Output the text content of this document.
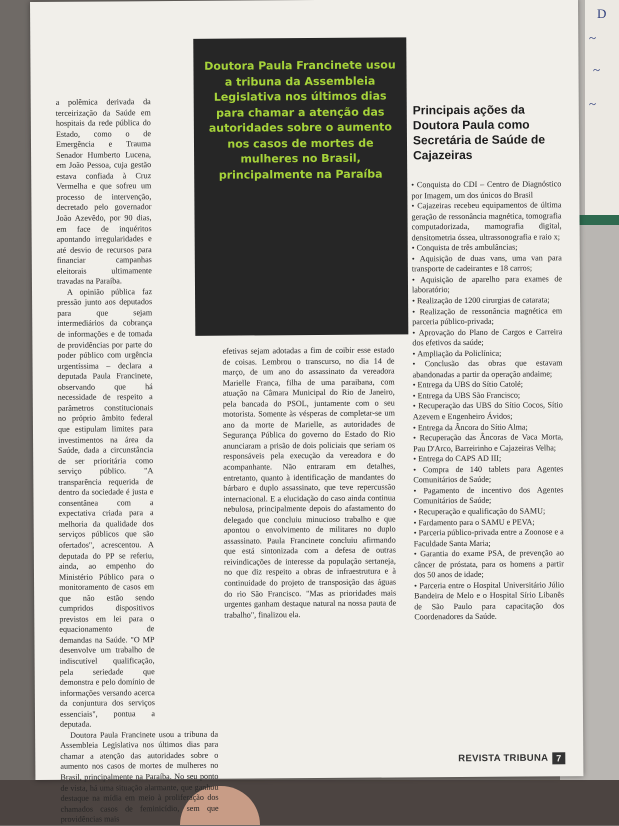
D
~
~
~
Doutora Paula Francinete usou a tribuna da Assembleia Legislativa nos últimos dias para chamar a atenção das autoridades sobre o aumento nos casos de mortes de mulheres no Brasil, principalmente na Paraíba

a polêmica derivada da terceirização da Saúde em hospitais da rede pública do Estado, como o de Emergência e Trauma Senador Humberto Lucena, em João Pessoa, cuja gestão estava confiada à Cruz Vermelha e que sofreu um processo de intervenção, decretado pelo governador João Azevêdo, por 90 dias, em face de inquéritos apontando irregularidades e até desvio de recursos para financiar campanhas eleitorais ultimamente travadas na Paraíba.

A opinião pública faz pressão junto aos deputados para que sejam intermediários da cobrança de informações e de tomada de providências por parte do poder público com urgência urgentíssima – declara a deputada Paula Francinete, observando que há necessidade de respeito a parâmetros constitucionais no próprio âmbito federal que estipulam limites para investimentos na área da Saúde, dada a circunstância de ser prioritária como serviço público. "A transparência requerida de dentro da sociedade é justa e consentânea com a expectativa criada para a melhoria da qualidade dos serviços públicos que são ofertados", acrescentou. A deputada do PP se referiu, ainda, ao empenho do Ministério Público para o monitoramento de casos em que não estão sendo cumpridos dispositivos previstos em lei para o equacionamento de demandas na Saúde. "O MP desenvolve um trabalho de indiscutível qualificação, pela seriedade que demonstra e pelo domínio de informações versando acerca da conjuntura dos serviços essenciais", pontua a deputada.

Doutora Paula Francinete usou a tribuna da Assembleia Legislativa nos últimos dias para chamar a atenção das autoridades sobre o aumento nos casos de mortes de mulheres no Brasil, principalmente na Paraíba. No seu ponto de vista, há uma situação alarmante, que ganhou destaque na mídia em meio à proliferação dos chamados casos de feminicídio, sem que providências mais

efetivas sejam adotadas a fim de coibir esse estado de coisas. Lembrou o transcurso, no dia 14 de março, de um ano do assassinato da vereadora Marielle Franca, filha de uma paraibana, com atuação na Câmara Municipal do Rio de Janeiro, pela bancada do PSOL, juntamente com o seu motorista. Somente às vésperas de completar-se um ano da morte de Marielle, as autoridades de Segurança Pública do governo do Estado do Rio anunciaram a prisão de dois policiais que seriam os responsáveis pela execução da vereadora e do acompanhante. Não entraram em detalhes, entretanto, quanto à identificação de mandantes do bárbaro e duplo assassinato, que teve repercussão internacional. E a elucidação do caso ainda continua nebulosa, principalmente depois do afastamento do delegado que concluiu minucioso trabalho e que apontou o envolvimento de militares no duplo assassinato. Paula Francinete concluiu afirmando que está sintonizada com a defesa de outras reivindicações de interesse da população sertaneja, no que diz respeito a obras de infraestrutura e à continuidade do projeto de transposição das águas do rio São Francisco. "Mas as prioridades mais urgentes ganham destaque natural na nossa pauta de trabalho", finalizou ela.

Principais ações da Doutora Paula como Secretária de Saúde de Cajazeiras
• Conquista do CDI – Centro de Diagnóstico por Imagem, um dos únicos do Brasil
• Cajazeiras recebeu equipamentos de última geração de ressonância magnética, tomografia computadorizada, mamografia digital, densitometria óssea, ultrassonografia e raio x;
• Conquista de três ambulâncias;
• Aquisição de duas vans, uma van para transporte de cadeirantes e 18 carros;
• Aquisição de aparelho para exames de laboratório;
• Realização de 1200 cirurgias de catarata;
• Realização de ressonância magnética em parceria público-privada;
• Aprovação do Plano de Cargos e Carreira dos efetivos da saúde;
• Ampliação da Policlínica;
• Conclusão das obras que estavam abandonadas a partir da operação andaime;
• Entrega da UBS do Sítio Catolé;
• Entrega da UBS São Francisco;
• Recuperação das UBS do Sítio Cocos, Sítio Azevem e Engenheiro Ávidos;
• Entrega da Âncora do Sítio Alma;
• Recuperação das Âncoras de Vaca Morta, Pau D'Arco, Barreirinho e Cajazeiras Velha;
• Entrega do CAPS AD III;
• Compra de 140 tablets para Agentes Comunitários de Saúde;
• Pagamento de incentivo dos Agentes Comunitários de Saúde;
• Recuperação e qualificação do SAMU;
• Fardamento para o SAMU e PEVA;
• Parceria público-privada entre a Zoonose e a Faculdade Santa Maria;
• Garantia do exame PSA, de prevenção ao câncer de próstata, para os homens a partir dos 50 anos de idade;
• Parceria entre o Hospital Universitário Júlio Bandeira de Melo e o Hospital Sírio Libanês de São Paulo para capacitação dos Coordenadores da Saúde.
REVISTA TRIBUNA 7
